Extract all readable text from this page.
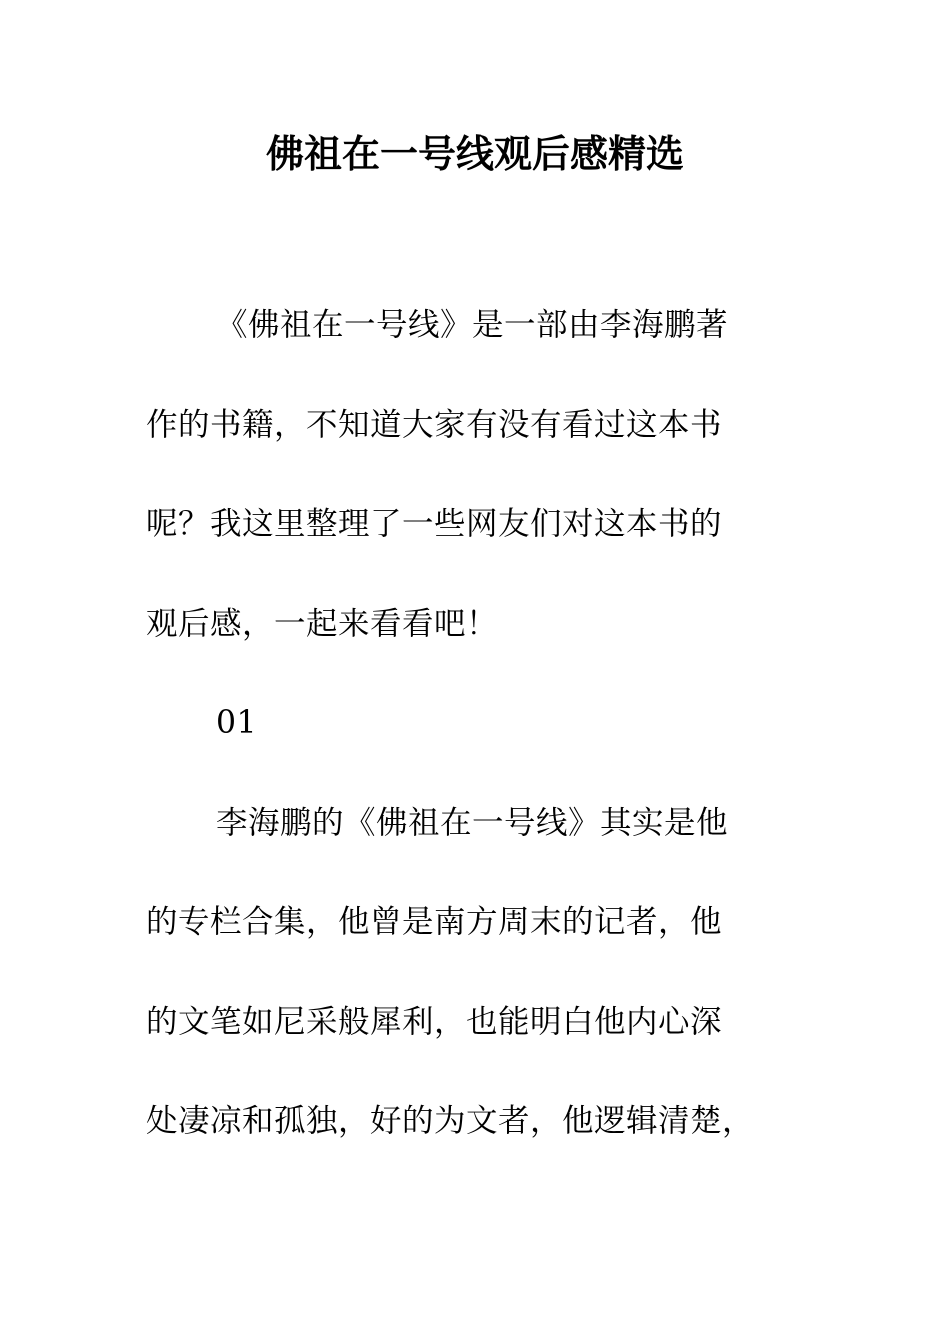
佛祖在一号线观后感精选
《佛祖在一号线》是一部由李海鹏著
作的书籍，不知道大家有没有看过这本书
呢？我这里整理了一些网友们对这本书的
观后感，一起来看看吧！
01
李海鹏的《佛祖在一号线》其实是他
的专栏合集，他曾是南方周末的记者，他
的文笔如尼采般犀利，也能明白他内心深
处凄凉和孤独，好的为文者，他逻辑清楚，
